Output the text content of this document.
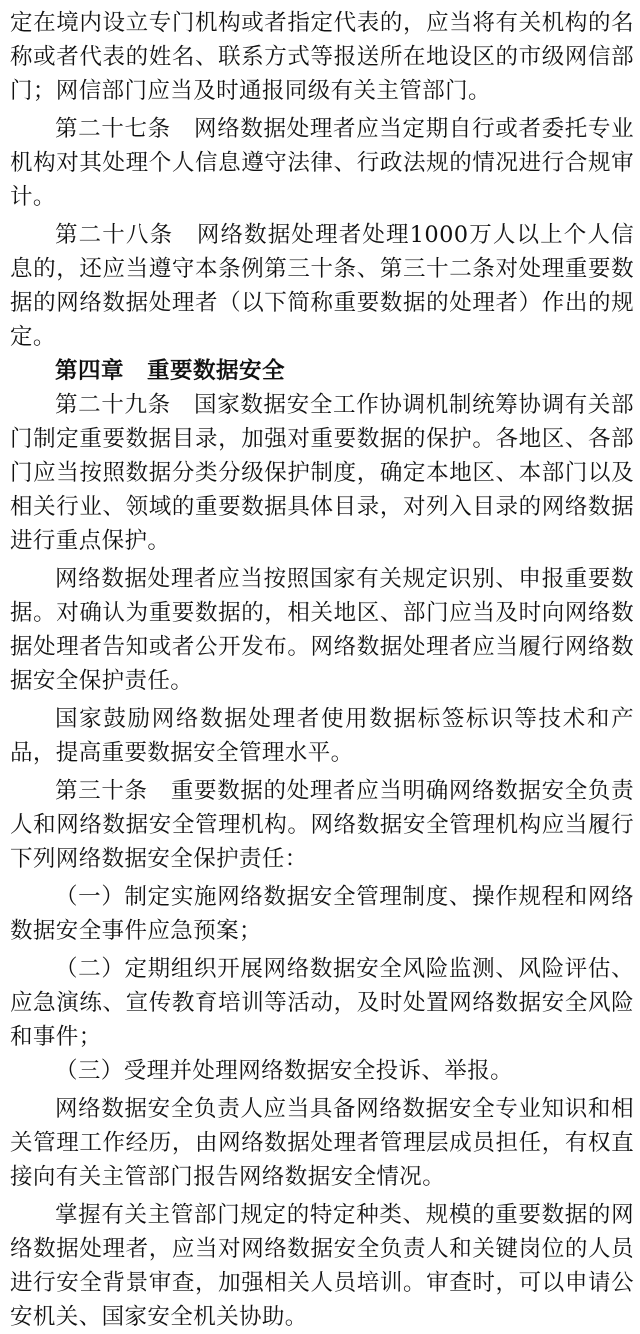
定在境内设立专门机构或者指定代表的，应当将有关机构的名称或者代表的姓名、联系方式等报送所在地设区的市级网信部门；网信部门应当及时通报同级有关主管部门。

第二十七条　网络数据处理者应当定期自行或者委托专业机构对其处理个人信息遵守法律、行政法规的情况进行合规审计。

第二十八条　网络数据处理者处理1000万人以上个人信息的，还应当遵守本条例第三十条、第三十二条对处理重要数据的网络数据处理者（以下简称重要数据的处理者）作出的规定。

第四章　重要数据安全

第二十九条　国家数据安全工作协调机制统筹协调有关部门制定重要数据目录，加强对重要数据的保护。各地区、各部门应当按照数据分类分级保护制度，确定本地区、本部门以及相关行业、领域的重要数据具体目录，对列入目录的网络数据进行重点保护。

网络数据处理者应当按照国家有关规定识别、申报重要数据。对确认为重要数据的，相关地区、部门应当及时向网络数据处理者告知或者公开发布。网络数据处理者应当履行网络数据安全保护责任。

国家鼓励网络数据处理者使用数据标签标识等技术和产品，提高重要数据安全管理水平。

第三十条　重要数据的处理者应当明确网络数据安全负责人和网络数据安全管理机构。网络数据安全管理机构应当履行下列网络数据安全保护责任：

（一）制定实施网络数据安全管理制度、操作规程和网络数据安全事件应急预案；

（二）定期组织开展网络数据安全风险监测、风险评估、应急演练、宣传教育培训等活动，及时处置网络数据安全风险和事件；

（三）受理并处理网络数据安全投诉、举报。

网络数据安全负责人应当具备网络数据安全专业知识和相关管理工作经历，由网络数据处理者管理层成员担任，有权直接向有关主管部门报告网络数据安全情况。

掌握有关主管部门规定的特定种类、规模的重要数据的网络数据处理者，应当对网络数据安全负责人和关键岗位的人员进行安全背景审查，加强相关人员培训。审查时，可以申请公安机关、国家安全机关协助。
